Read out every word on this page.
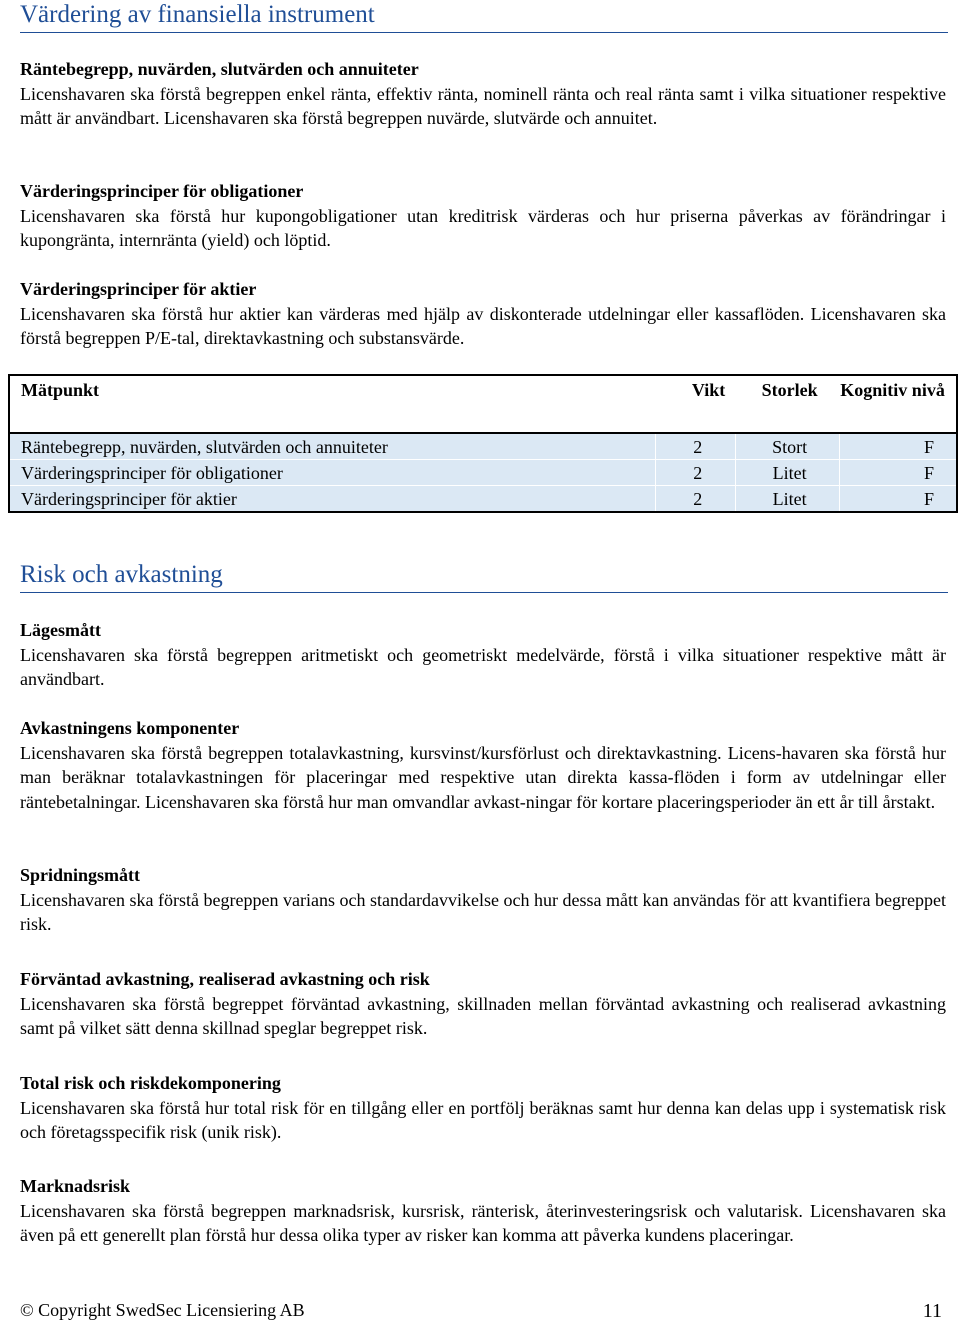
Värdering av finansiella instrument
Räntebegrepp, nuvärden, slutvärden och annuiteter

Licenshavaren ska förstå begreppen enkel ränta, effektiv ränta, nominell ränta och real ränta samt i vilka situationer respektive mått är användbart. Licenshavaren ska förstå begreppen nuvärde, slutvärde och annuitet.

Värderingsprinciper för obligationer

Licenshavaren ska förstå hur kupongobligationer utan kreditrisk värderas och hur priserna påverkas av förändringar i kupongränta, internränta (yield) och löptid.

Värderingsprinciper för aktier

Licenshavaren ska förstå hur aktier kan värderas med hjälp av diskonterade utdelningar eller kassaflöden. Licenshavaren ska förstå begreppen P/E-tal, direktavkastning och substansvärde.

Mätpunkt	Vikt	Storlek	Kognitiv nivå
Räntebegrepp, nuvärden, slutvärden och annuiteter	2	Stort	F
Värderingsprinciper för obligationer	2	Litet	F
Värderingsprinciper för aktier	2	Litet	F
Risk och avkastning
Lägesmått

Licenshavaren ska förstå begreppen aritmetiskt och geometriskt medelvärde, förstå i vilka situationer respektive mått är användbart.

Avkastningens komponenter

Licenshavaren ska förstå begreppen totalavkastning, kursvinst/kursförlust och direktavkastning. Licens-havaren ska förstå hur man beräknar totalavkastningen för placeringar med respektive utan direkta kassa-flöden i form av utdelningar eller räntebetalningar. Licenshavaren ska förstå hur man omvandlar avkast-ningar för kortare placeringsperioder än ett år till årstakt.

Spridningsmått

Licenshavaren ska förstå begreppen varians och standardavvikelse och hur dessa mått kan användas för att kvantifiera begreppet risk.

Förväntad avkastning, realiserad avkastning och risk

Licenshavaren ska förstå begreppet förväntad avkastning, skillnaden mellan förväntad avkastning och realiserad avkastning samt på vilket sätt denna skillnad speglar begreppet risk.

Total risk och riskdekomponering

Licenshavaren ska förstå hur total risk för en tillgång eller en portfölj beräknas samt hur denna kan delas upp i systematisk risk och företagsspecifik risk (unik risk).

Marknadsrisk

Licenshavaren ska förstå begreppen marknadsrisk, kursrisk, ränterisk, återinvesteringsrisk och valutarisk. Licenshavaren ska även på ett generellt plan förstå hur dessa olika typer av risker kan komma att påverka kundens placeringar.

© Copyright SwedSec Licensiering AB	11
